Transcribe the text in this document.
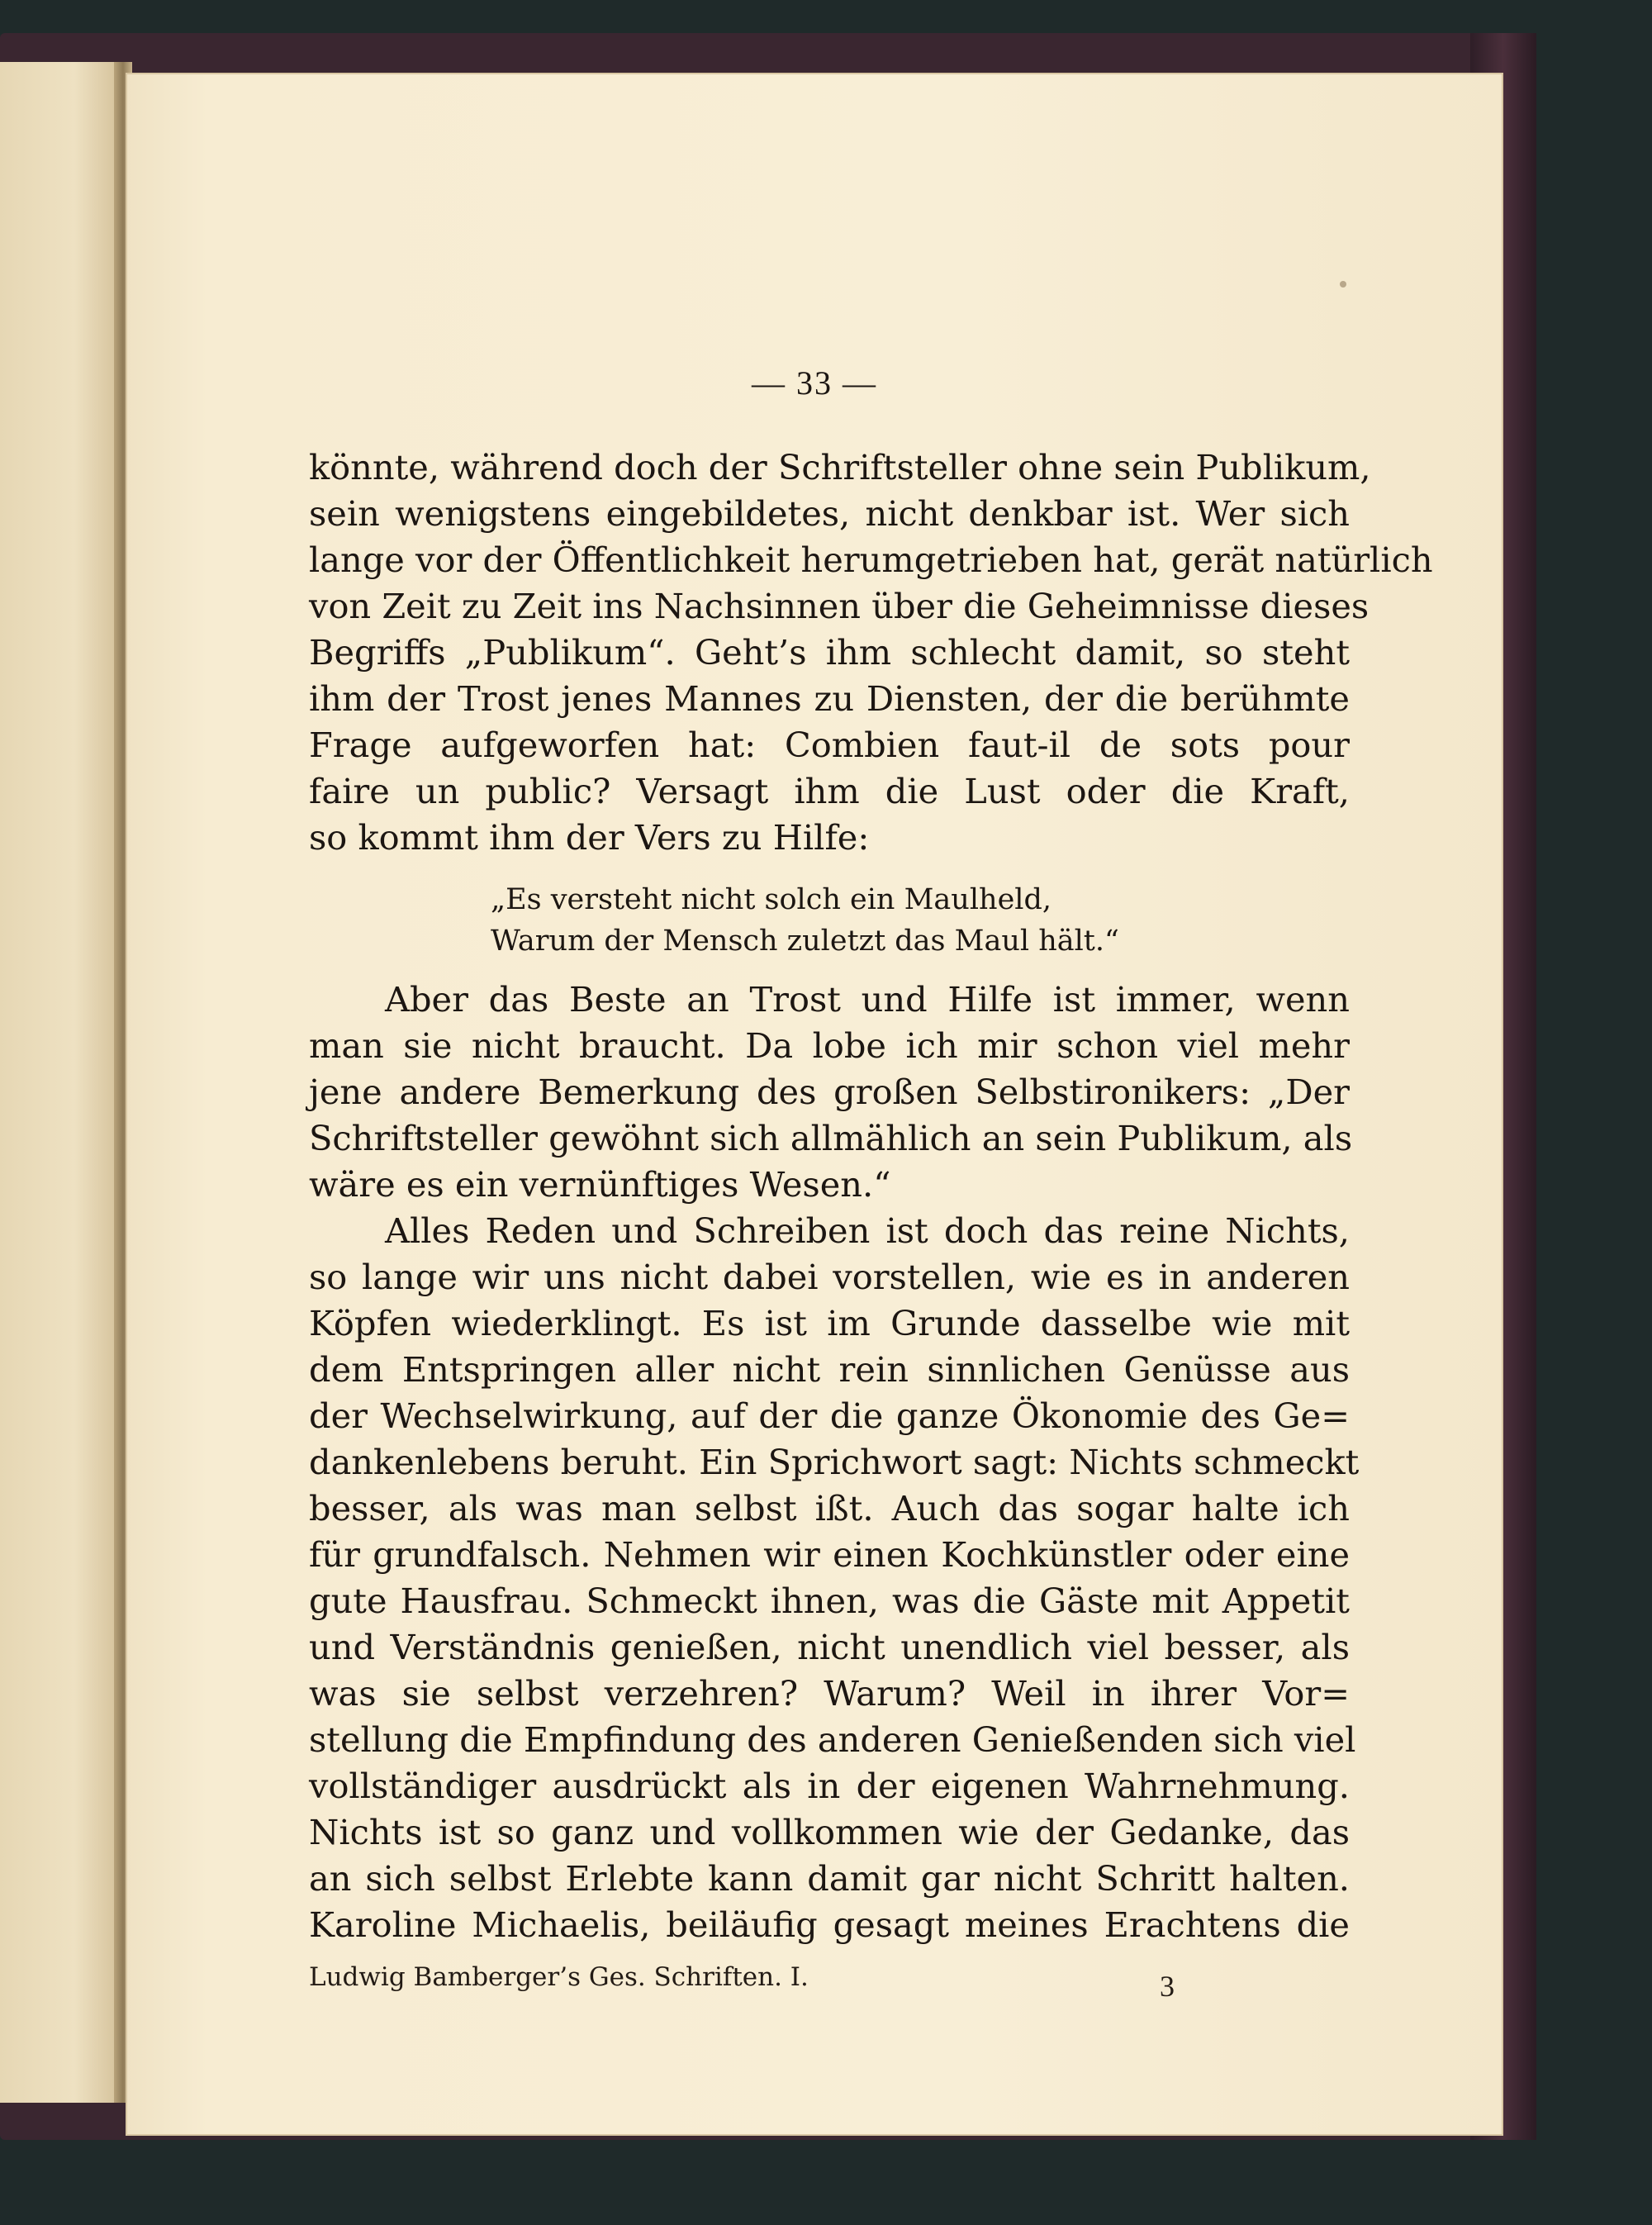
— 33 —
könnte, während doch der Schriftsteller ohne sein Publikum,
sein wenigstens eingebildetes, nicht denkbar ist. Wer sich
lange vor der Öffentlichkeit herumgetrieben hat, gerät natürlich
von Zeit zu Zeit ins Nachsinnen über die Geheimnisse dieses
Begriffs „Publikum“. Geht’s ihm schlecht damit, so steht
ihm der Trost jenes Mannes zu Diensten, der die berühmte
Frage aufgeworfen hat: Combien faut-il de sots pour
faire un public? Versagt ihm die Lust oder die Kraft,
so kommt ihm der Vers zu Hilfe:
„Es versteht nicht solch ein Maulheld,
Warum der Mensch zuletzt das Maul hält.“
Aber das Beste an Trost und Hilfe ist immer, wenn
man sie nicht braucht. Da lobe ich mir schon viel mehr
jene andere Bemerkung des großen Selbstironikers: „Der
Schriftsteller gewöhnt sich allmählich an sein Publikum, als
wäre es ein vernünftiges Wesen.“
Alles Reden und Schreiben ist doch das reine Nichts,
so lange wir uns nicht dabei vorstellen, wie es in anderen
Köpfen wiederklingt. Es ist im Grunde dasselbe wie mit
dem Entspringen aller nicht rein sinnlichen Genüsse aus
der Wechselwirkung, auf der die ganze Ökonomie des Ge=
dankenlebens beruht. Ein Sprichwort sagt: Nichts schmeckt
besser, als was man selbst ißt. Auch das sogar halte ich
für grundfalsch. Nehmen wir einen Kochkünstler oder eine
gute Hausfrau. Schmeckt ihnen, was die Gäste mit Appetit
und Verständnis genießen, nicht unendlich viel besser, als
was sie selbst verzehren? Warum? Weil in ihrer Vor=
stellung die Empfindung des anderen Genießenden sich viel
vollständiger ausdrückt als in der eigenen Wahrnehmung.
Nichts ist so ganz und vollkommen wie der Gedanke, das
an sich selbst Erlebte kann damit gar nicht Schritt halten.
Karoline Michaelis, beiläufig gesagt meines Erachtens die
Ludwig Bamberger’s Ges. Schriften. I.	3
